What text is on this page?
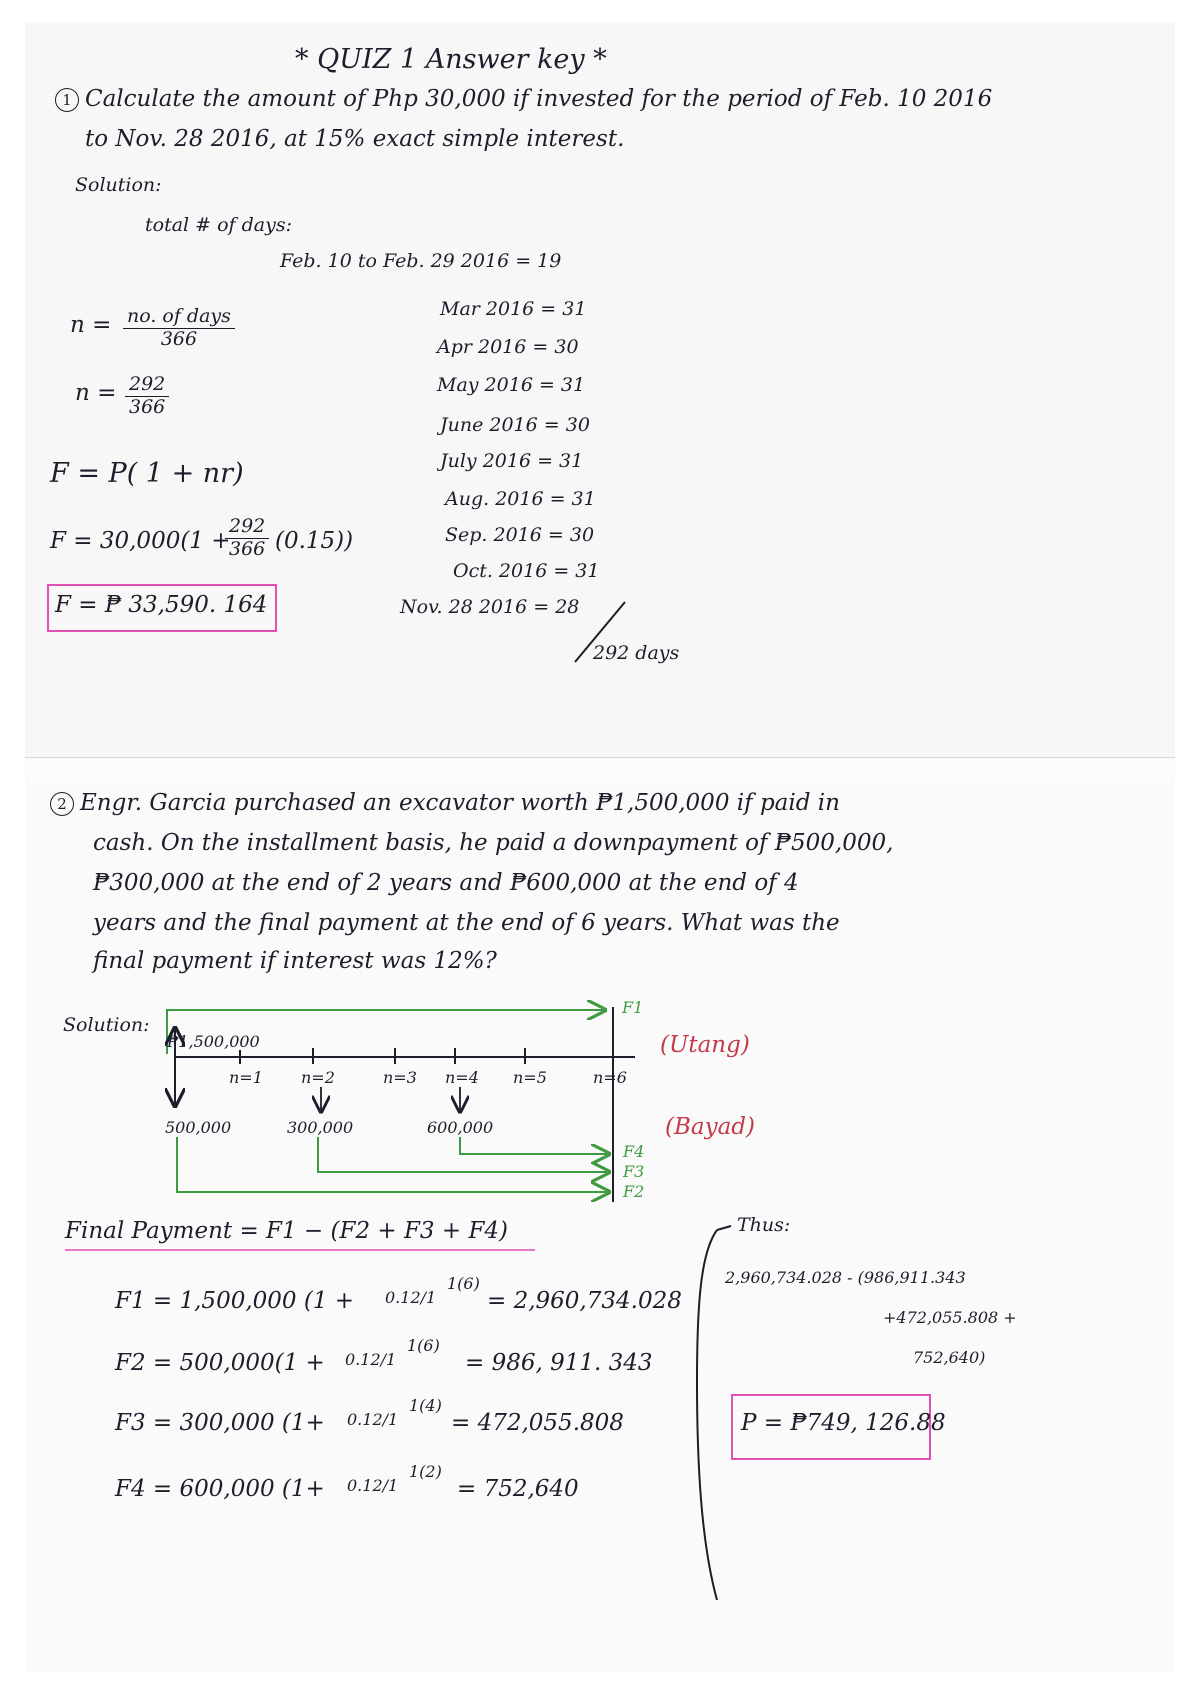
* QUIZ 1 Answer key *
1 Calculate the amount of Php 30,000 if invested for the period of Feb. 10 2016
to Nov. 28 2016, at 15% exact simple interest.
Solution:
total # of days:
n = no. of days
366
$n = \frac{292}{366}$
F = P( 1 + nr)
F = 30,000(1 +
$\frac{292}{366} (0.15)$)
F = ₱ 33,590. 164
Feb. 10 to Feb. 29 2016 = 19
Mar 2016 = 31
Apr 2016 = 30
May 2016 = 31
June 2016 = 30
July 2016 = 31
Aug. 2016 = 31
Sep. 2016 = 30
Oct. 2016 = 31
Nov. 28 2016 = 28
292 days
2 Engr. Garcia purchased an excavator worth ₱1,500,000 if paid in
cash. On the installment basis, he paid a downpayment of ₱500,000,
₱300,000 at the end of 2 years and ₱600,000 at the end of 4
years and the final payment at the end of 6 years. What was the
final payment if interest was 12%?
Solution:
₱1,500,000
F1
(Utang)
(Bayad)
n=1 n=2	n=3 n=4 n=5	n=6
500,000	300,000	600,000
F4
F3
F2
Final Payment = F1 − (F2 + F3 + F4)
F1 = 1,500,000 (1 + 0.12/1
1(6)
= 2,960,734.028
F2 = 500,000(1 + 0.12/1
1(6)
= 986, 911. 343
F3 = 300,000 (1+ 0.12/1
1(4)
= 472,055.808
F4 = 600,000 (1+ 0.12/1
1(2)
= 752,640
Thus:
2,960,734.028 - (986,911.343
+472,055.808 +
752,640)
P = ₱749, 126.88
